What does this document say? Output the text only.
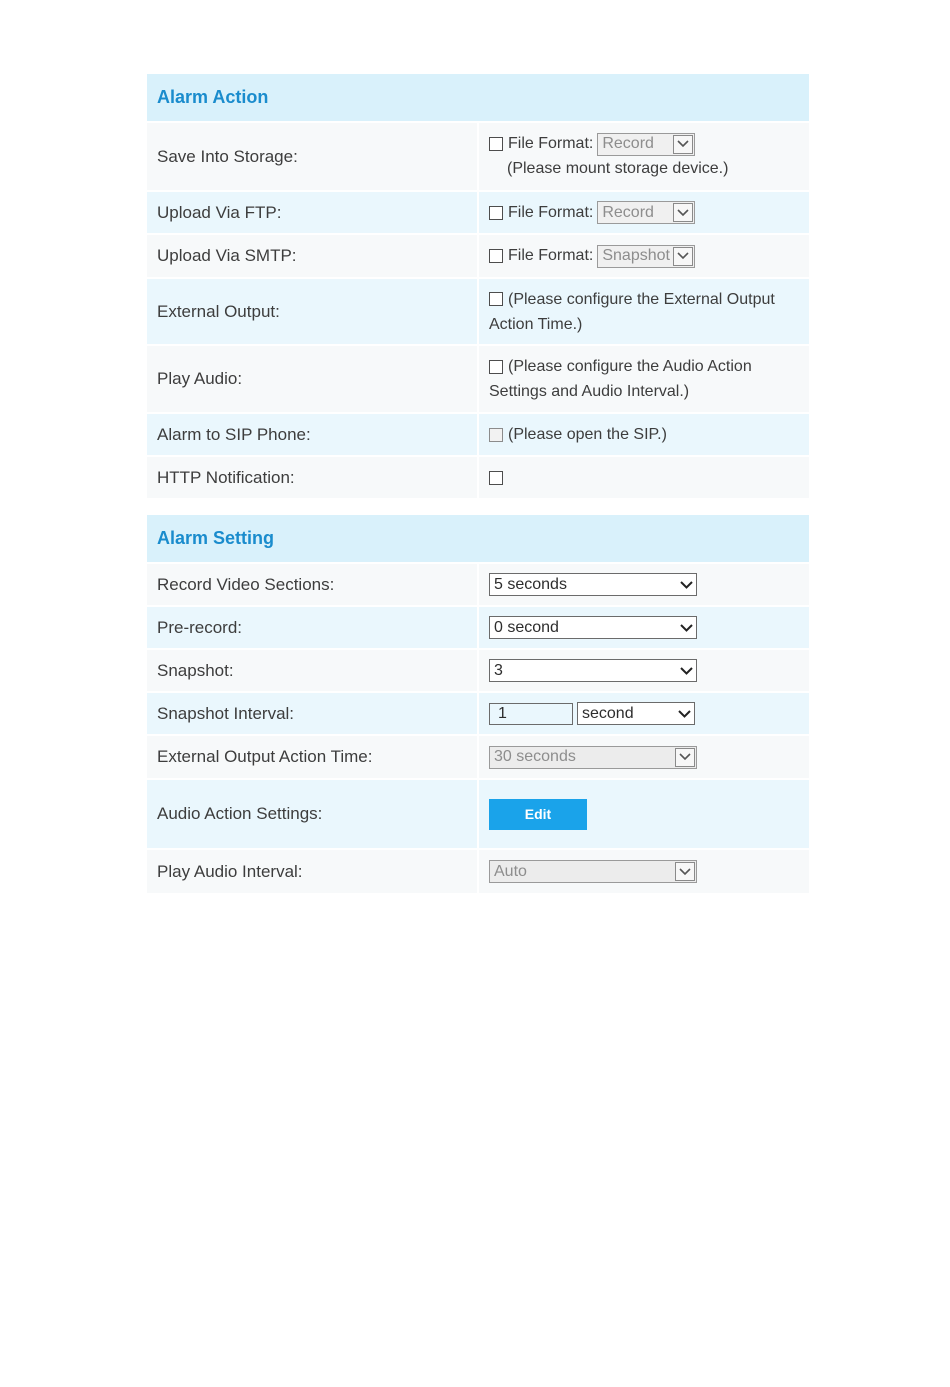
Alarm Action
Save Into Storage:
File Format: Record
(Please mount storage device.)
Upload Via FTP:	File Format: Record
Upload Via SMTP:	File Format: Snapshot
External Output:
(Please configure the External Output
Action Time.)
Play Audio:
(Please configure the Audio Action
Settings and Audio Interval.)
Alarm to SIP Phone:	(Please open the SIP.)
HTTP Notification:
Alarm Setting
Record Video Sections:	5 seconds
Pre-record:	0 second
Snapshot:	3
Snapshot Interval:	1	second
External Output Action Time:	30 seconds
Audio Action Settings:	Edit
Play Audio Interval:	Auto
